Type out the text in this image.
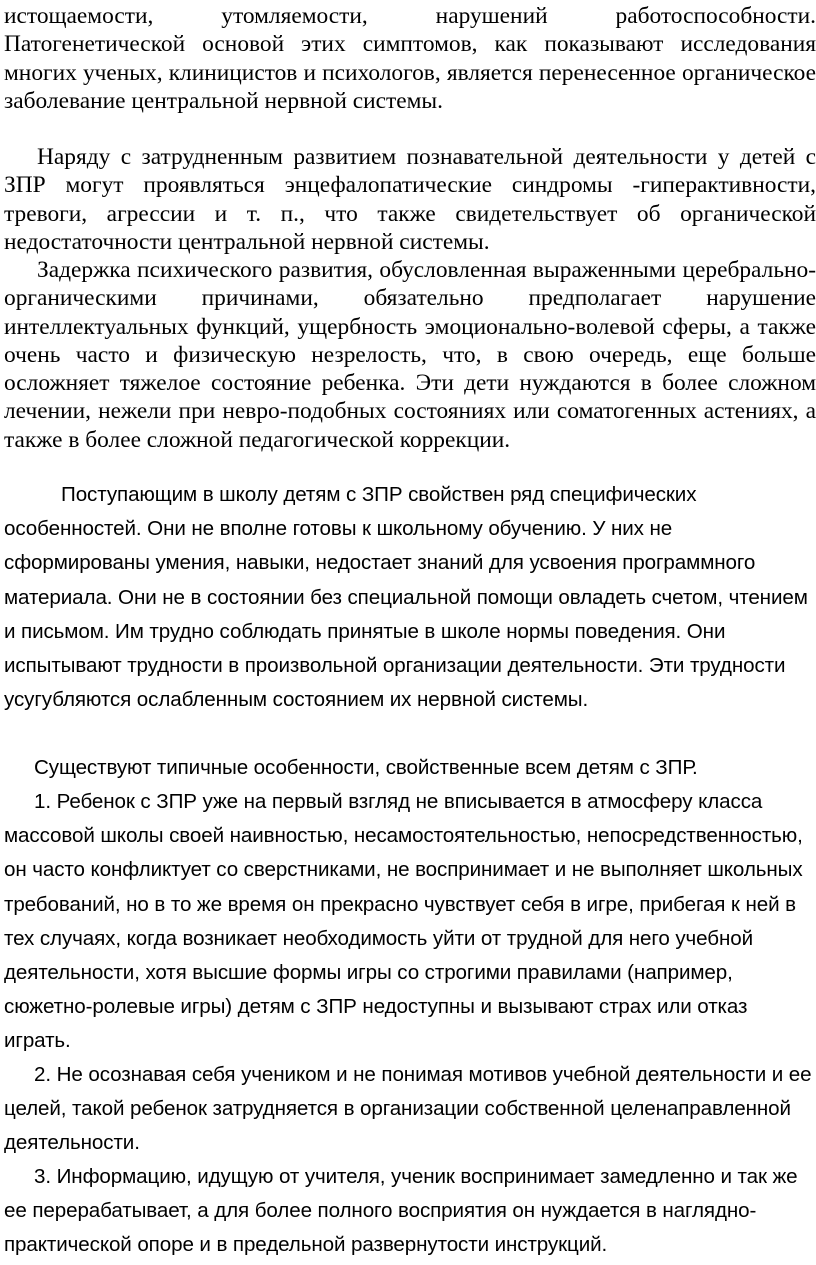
истощаемости, утомляемости, нарушений работоспособности. Патогенетической основой этих симптомов, как показывают исследования многих ученых, клиницистов и психологов, является перенесенное органическое заболевание центральной нервной системы.

Наряду с затрудненным развитием познавательной деятельности у детей с ЗПР могут проявляться энцефалопатические синдромы -гиперактивности, тревоги, агрессии и т. п., что также свидетельствует об органической недостаточности центральной нервной системы.

Задержка психического развития, обусловленная выраженными церебрально-органическими причинами, обязательно предполагает нарушение интеллектуальных функций, ущербность эмоционально-волевой сферы, а также очень часто и физическую незрелость, что, в свою очередь, еще больше осложняет тяжелое состояние ребенка. Эти дети нуждаются в более сложном лечении, нежели при невро-подобных состояниях или соматогенных астениях, а также в более сложной педагогической коррекции.

Поступающим в школу детям с ЗПР свойствен ряд специфических особенностей. Они не вполне готовы к школьному обучению. У них не сформированы умения, навыки, недостает знаний для усвоения программного материала. Они не в состоянии без специальной помощи овладеть счетом, чтением и письмом. Им трудно соблюдать принятые в школе нормы поведения. Они испытывают трудности в произвольной организации деятельности. Эти трудности усугубляются ослабленным состоянием их нервной системы.

Существуют типичные особенности, свойственные всем детям с ЗПР.

1. Ребенок с ЗПР уже на первый взгляд не вписывается в атмосферу класса массовой школы своей наивностью, несамостоятельностью, непосредственностью, он часто конфликтует со сверстниками, не воспринимает и не выполняет школьных требований, но в то же время он прекрасно чувствует себя в игре, прибегая к ней в тех случаях, когда возникает необходимость уйти от трудной для него учебной деятельности, хотя высшие формы игры со строгими правилами (например, сюжетно-ролевые игры) детям с ЗПР недоступны и вызывают страх или отказ играть.

2. Не осознавая себя учеником и не понимая мотивов учебной деятельности и ее целей, такой ребенок затрудняется в организации собственной целенаправленной деятельности.

3. Информацию, идущую от учителя, ученик воспринимает замедленно и так же ее перерабатывает, а для более полного восприятия он нуждается в наглядно-практической опоре и в предельной развернутости инструкций.
